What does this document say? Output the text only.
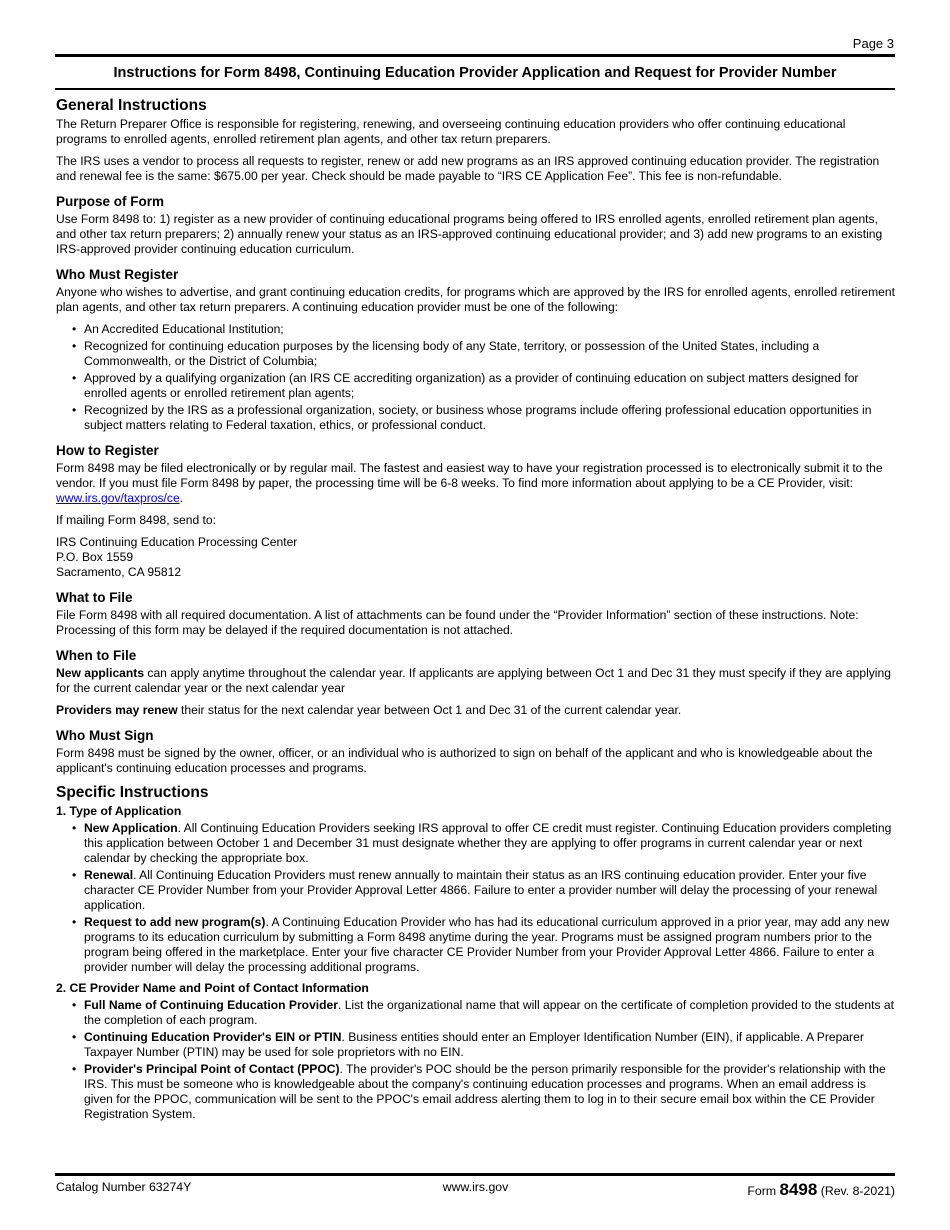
Page 3
Instructions for Form 8498, Continuing Education Provider Application and Request for Provider Number
General Instructions

The Return Preparer Office is responsible for registering, renewing, and overseeing continuing education providers who offer continuing educational programs to enrolled agents, enrolled retirement plan agents, and other tax return preparers.

The IRS uses a vendor to process all requests to register, renew or add new programs as an IRS approved continuing education provider. The registration and renewal fee is the same: $675.00 per year. Check should be made payable to “IRS CE Application Fee”. This fee is non-refundable.

Purpose of Form

Use Form 8498 to: 1) register as a new provider of continuing educational programs being offered to IRS enrolled agents, enrolled retirement plan agents, and other tax return preparers; 2) annually renew your status as an IRS-approved continuing educational provider; and 3) add new programs to an existing IRS-approved provider continuing education curriculum.

Who Must Register

Anyone who wishes to advertise, and grant continuing education credits, for programs which are approved by the IRS for enrolled agents, enrolled retirement plan agents, and other tax return preparers. A continuing education provider must be one of the following:

• An Accredited Educational Institution;
• Recognized for continuing education purposes by the licensing body of any State, territory, or possession of the United States, including a Commonwealth, or the District of Columbia;
• Approved by a qualifying organization (an IRS CE accrediting organization) as a provider of continuing education on subject matters designed for enrolled agents or enrolled retirement plan agents;
• Recognized by the IRS as a professional organization, society, or business whose programs include offering professional education opportunities in subject matters relating to Federal taxation, ethics, or professional conduct.
How to Register

Form 8498 may be filed electronically or by regular mail. The fastest and easiest way to have your registration processed is to electronically submit it to the vendor. If you must file Form 8498 by paper, the processing time will be 6-8 weeks. To find more information about applying to be a CE Provider, visit: www.irs.gov/taxpros/ce.

If mailing Form 8498, send to:

IRS Continuing Education Processing Center
P.O. Box 1559
Sacramento, CA 95812
What to File

File Form 8498 with all required documentation. A list of attachments can be found under the “Provider Information” section of these instructions. Note: Processing of this form may be delayed if the required documentation is not attached.

When to File

New applicants can apply anytime throughout the calendar year. If applicants are applying between Oct 1 and Dec 31 they must specify if they are applying for the current calendar year or the next calendar year

Providers may renew their status for the next calendar year between Oct 1 and Dec 31 of the current calendar year.

Who Must Sign

Form 8498 must be signed by the owner, officer, or an individual who is authorized to sign on behalf of the applicant and who is knowledgeable about the applicant's continuing education processes and programs.

Specific Instructions
1. Type of Application
• New Application. All Continuing Education Providers seeking IRS approval to offer CE credit must register. Continuing Education providers completing this application between October 1 and December 31 must designate whether they are applying to offer programs in current calendar year or next calendar by checking the appropriate box.
• Renewal. All Continuing Education Providers must renew annually to maintain their status as an IRS continuing education provider. Enter your five character CE Provider Number from your Provider Approval Letter 4866. Failure to enter a provider number will delay the processing of your renewal application.
• Request to add new program(s). A Continuing Education Provider who has had its educational curriculum approved in a prior year, may add any new programs to its education curriculum by submitting a Form 8498 anytime during the year. Programs must be assigned program numbers prior to the program being offered in the marketplace. Enter your five character CE Provider Number from your Provider Approval Letter 4866. Failure to enter a provider number will delay the processing additional programs.
2. CE Provider Name and Point of Contact Information
• Full Name of Continuing Education Provider. List the organizational name that will appear on the certificate of completion provided to the students at the completion of each program.
• Continuing Education Provider's EIN or PTIN. Business entities should enter an Employer Identification Number (EIN), if applicable. A Preparer Taxpayer Number (PTIN) may be used for sole proprietors with no EIN.
• Provider's Principal Point of Contact (PPOC). The provider's POC should be the person primarily responsible for the provider's relationship with the IRS. This must be someone who is knowledgeable about the company's continuing education processes and programs. When an email address is given for the PPOC, communication will be sent to the PPOC's email address alerting them to log in to their secure email box within the CE Provider Registration System.
Catalog Number 63274Y	www.irs.gov	Form 8498 (Rev. 8-2021)
